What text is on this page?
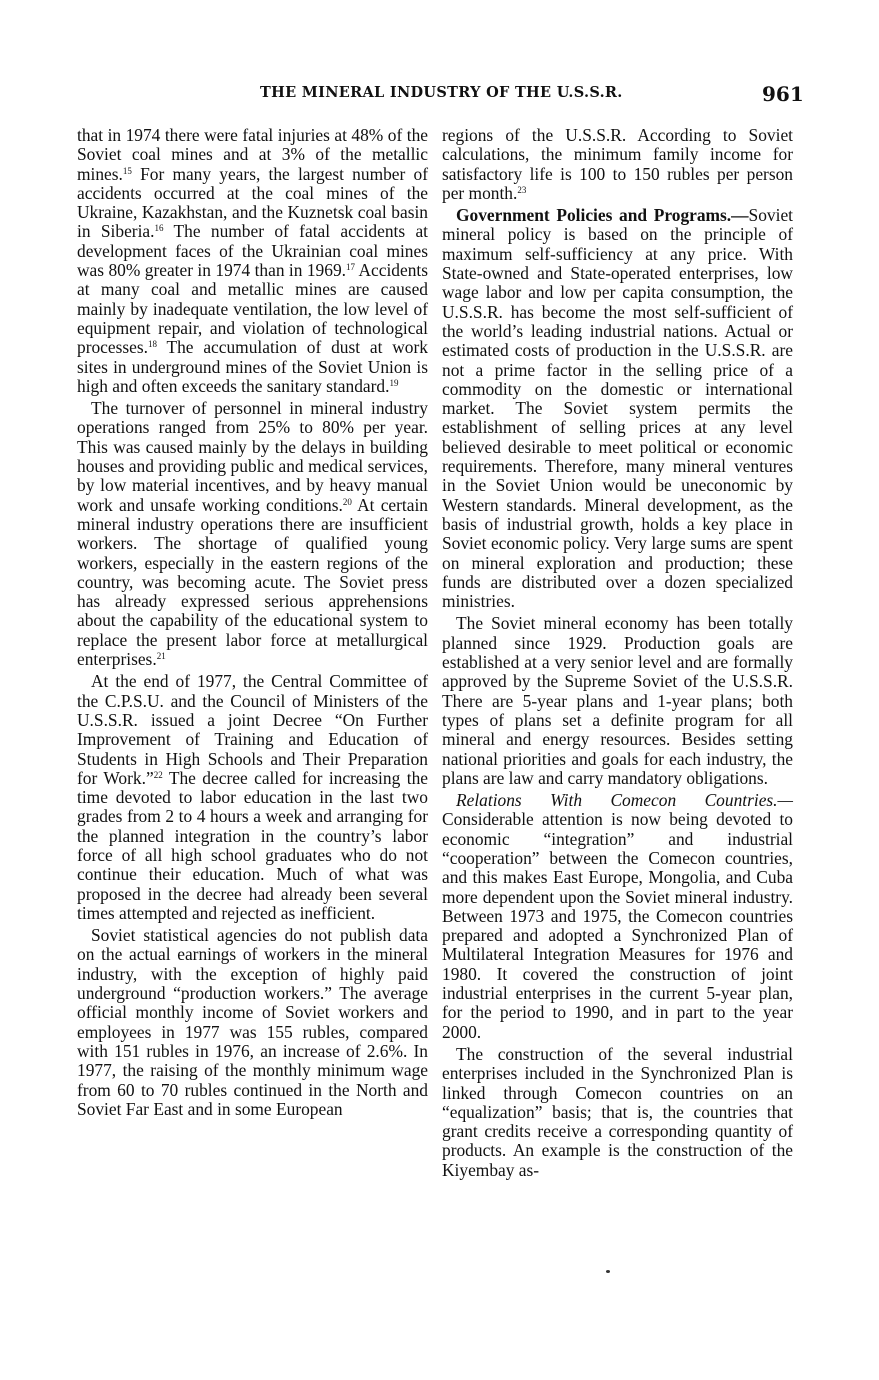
THE MINERAL INDUSTRY OF THE U.S.S.R.	961

that in 1974 there were fatal injuries at 48% of the Soviet coal mines and at 3% of the metallic mines.$^{15}$ For many years, the largest number of accidents occurred at the coal mines of the Ukraine, Kazakhstan, and the Kuznetsk coal basin in Siberia.$^{16}$ The number of fatal accidents at development faces of the Ukrainian coal mines was 80% greater in 1974 than in 1969.17 Accidents at many coal and metallic mines are caused mainly by inadequate ventilation, the low level of equipment repair, and violation of technological processes.$^{18}$ The accumulation of dust at work sites in underground mines of the Soviet Union is high and often exceeds the sanitary standard.$^{19}$

The turnover of personnel in mineral industry operations ranged from 25% to 80% per year. This was caused mainly by the delays in building houses and providing public and medical services, by low material incentives, and by heavy manual work and unsafe working conditions.$^{20}$ At certain mineral industry operations there are insufficient workers. The shortage of qualified young workers, especially in the eastern regions of the country, was becoming acute. The Soviet press has already expressed serious apprehensions about the capability of the educational system to replace the present labor force at metallurgical enterprises.$^{21}$

At the end of 1977, the Central Committee of the C.P.S.U. and the Council of Ministers of the U.S.S.R. issued a joint Decree “On Further Improvement of Training and Education of Students in High Schools and Their Preparation for Work.”$^{22}$ The decree called for increasing the time devoted to labor education in the last two grades from 2 to 4 hours a week and arranging for the planned integration in the country’s labor force of all high school graduates who do not continue their education. Much of what was proposed in the decree had already been several times attempted and rejected as inefficient.

Soviet statistical agencies do not publish data on the actual earnings of workers in the mineral industry, with the exception of highly paid underground “production workers.” The average official monthly income of Soviet workers and employees in 1977 was 155 rubles, compared with 151 rubles in 1976, an increase of 2.6%. In 1977, the raising of the monthly minimum wage from 60 to 70 rubles continued in the North and Soviet Far East and in some European

regions of the U.S.S.R. According to Soviet calculations, the minimum family income for satisfactory life is 100 to 150 rubles per person per month.$^{23}$

Government Policies and Programs.—Soviet mineral policy is based on the principle of maximum self-sufficiency at any price. With State-owned and State-operated enterprises, low wage labor and low per capita consumption, the U.S.S.R. has become the most self-sufficient of the world’s leading industrial nations. Actual or estimated costs of production in the U.S.S.R. are not a prime factor in the selling price of a commodity on the domestic or international market. The Soviet system permits the establishment of selling prices at any level believed desirable to meet political or economic requirements. Therefore, many mineral ventures in the Soviet Union would be uneconomic by Western standards. Mineral development, as the basis of industrial growth, holds a key place in Soviet economic policy. Very large sums are spent on mineral exploration and production; these funds are distributed over a dozen specialized ministries.

The Soviet mineral economy has been totally planned since 1929. Production goals are established at a very senior level and are formally approved by the Supreme Soviet of the U.S.S.R. There are 5-year plans and 1-year plans; both types of plans set a definite program for all mineral and energy resources. Besides setting national priorities and goals for each industry, the plans are law and carry mandatory obligations.

Relations With Comecon Countries.—Considerable attention is now being devoted to economic “integration” and industrial “cooperation” between the Comecon countries, and this makes East Europe, Mongolia, and Cuba more dependent upon the Soviet mineral industry. Between 1973 and 1975, the Comecon countries prepared and adopted a Synchronized Plan of Multilateral Integration Measures for 1976 and 1980. It covered the construction of joint industrial enterprises in the current 5-year plan, for the period to 1990, and in part to the year 2000.

The construction of the several industrial enterprises included in the Synchronized Plan is linked through Comecon countries on an “equalization” basis; that is, the countries that grant credits receive a corresponding quantity of products. An example is the construction of the Kiyembay as-
